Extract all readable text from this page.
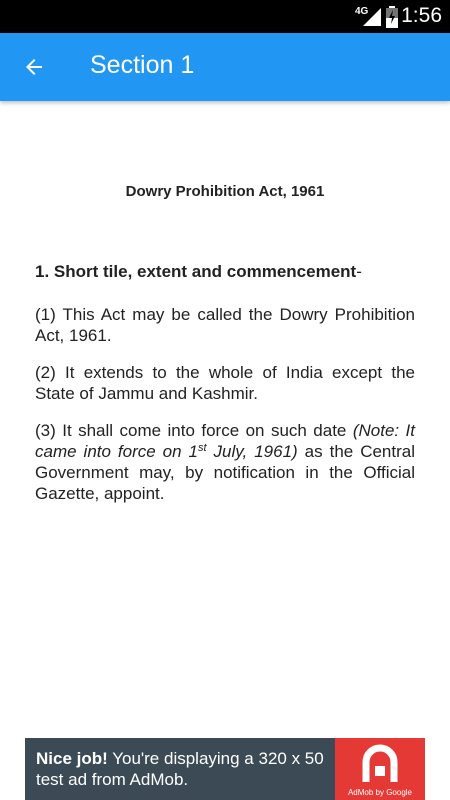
4G 1:56
Section 1
Dowry Prohibition Act, 1961
1. Short tile, extent and commencement-
(1) This Act may be called the Dowry Prohibition Act, 1961.
(2) It extends to the whole of India except the State of Jammu and Kashmir.
(3) It shall come into force on such date (Note: It came into force on 1st July, 1961) as the Central Government may, by notification in the Official Gazette, appoint.
Nice job! You're displaying a 320 x 50 test ad from AdMob.
AdMob by Google
